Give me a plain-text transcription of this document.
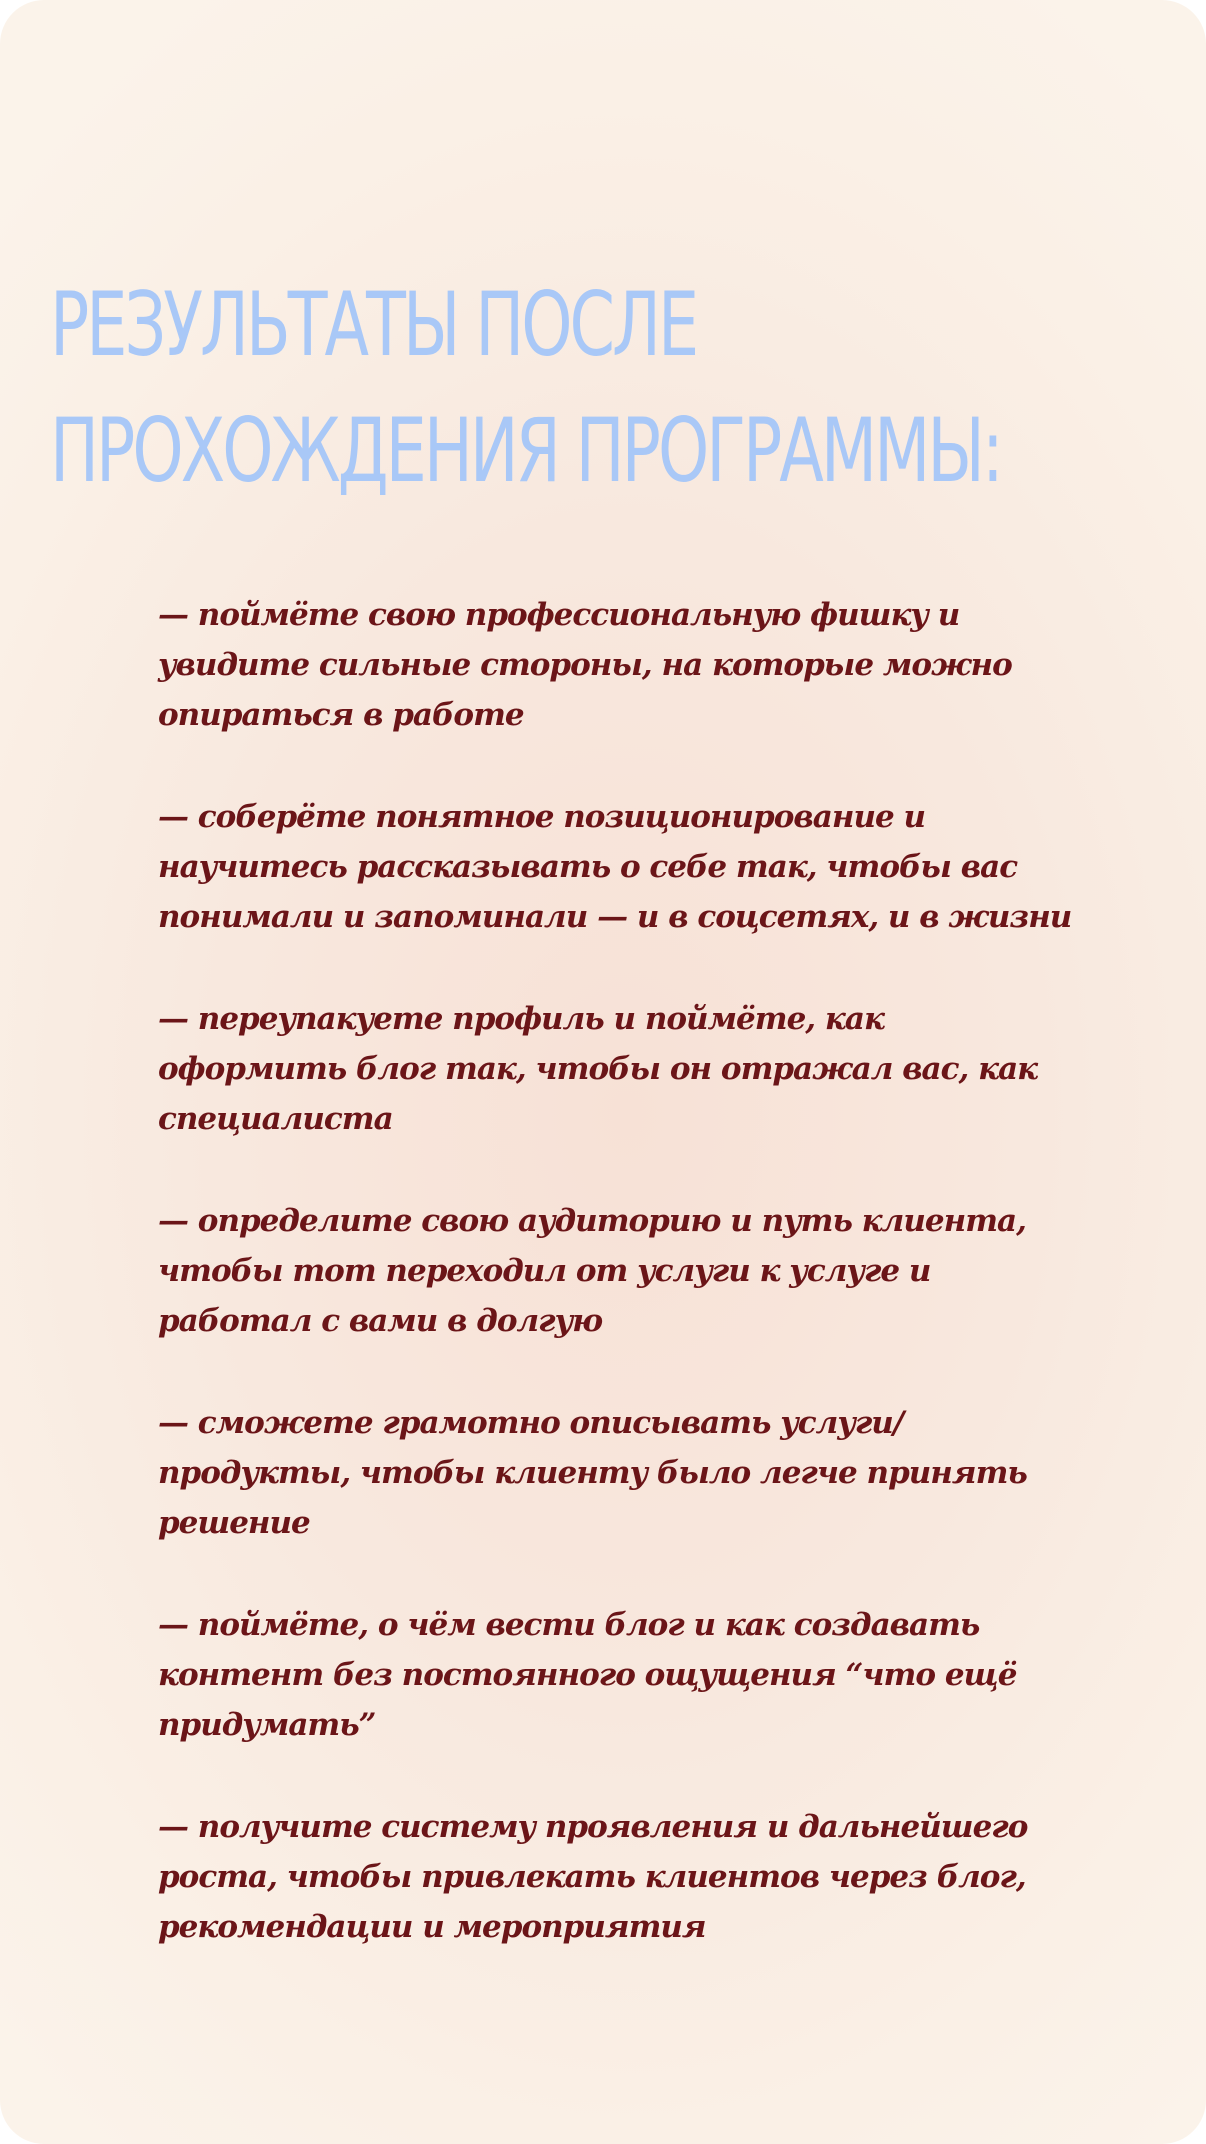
РЕЗУЛЬТАТЫ ПОСЛЕ
ПРОХОЖДЕНИЯ ПРОГРАММЫ:
— поймёте свою профессиональную фишку и
увидите сильные стороны, на которые можно
опираться в работе
— соберёте понятное позиционирование и
научитесь рассказывать о себе так, чтобы вас
понимали и запоминали — и в соцсетях, и в жизни
— переупакуете профиль и поймёте, как
оформить блог так, чтобы он отражал вас, как
специалиста
— определите свою аудиторию и путь клиента,
чтобы тот переходил от услуги к услуге и
работал с вами в долгую
— сможете грамотно описывать услуги/
продукты, чтобы клиенту было легче принять
решение
— поймёте, о чём вести блог и как создавать
контент без постоянного ощущения “что ещё
придумать”
— получите систему проявления и дальнейшего
роста, чтобы привлекать клиентов через блог,
рекомендации и мероприятия
